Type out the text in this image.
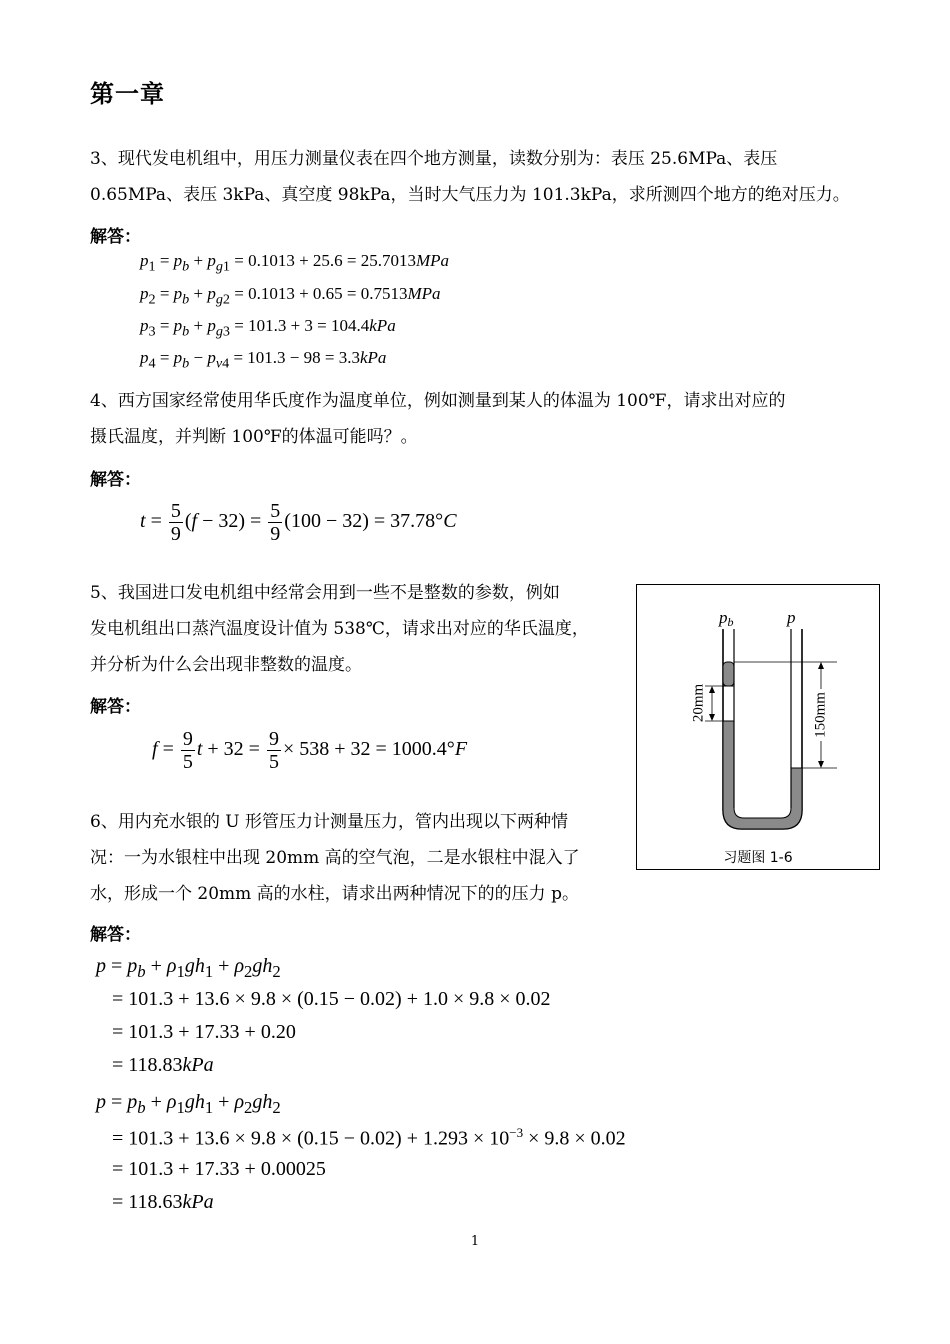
第一章
3、现代发电机组中，用压力测量仪表在四个地方测量，读数分别为：表压 25.6MPa、表压
0.65MPa、表压 3kPa、真空度 98kPa，当时大气压力为 101.3kPa，求所测四个地方的绝对压力。
解答：
$p_1 = p_b + p_{g1} = 0.1013 + 25.6 = 25.7013MPa$
$p_2 = p_b + p_{g2} = 0.1013 + 0.65 = 0.7513MPa$
$p_3 = p_b + p_{g3} = 101.3 + 3 = 104.4kPa$
$p_4 = p_b - p_{v4} = 101.3 - 98 = 3.3kPa$
4、西方国家经常使用华氏度作为温度单位，例如测量到某人的体温为 100℉，请求出对应的
摄氏温度，并判断 100℉的体温可能吗？。
解答：
$t = \frac{5}{9} (f - 32) = \frac{5}{9} (100 - 32) = 37.78^\circ C$
5、我国进口发电机组中经常会用到一些不是整数的参数，例如
发电机组出口蒸汽温度设计值为 538℃，请求出对应的华氏温度，
并分析为什么会出现非整数的温度。
解答：
$f = \frac{9}{5}$ $t + 32 = \frac{9}{5} \times 538 + 32 = 1000.4^\circ F$
20mm	150mm
pb	p
习题图 1-6
6、用内充水银的 U 形管压力计测量压力，管内出现以下两种情
况：一为水银柱中出现 20mm 高的空气泡，二是水银柱中混入了
水，形成一个 20mm 高的水柱，请求出两种情况下的的压力 p。
解答：
$p = p_b + \rho_1gh_1 + \rho_2gh_2$
= 101.3 + 13.6 × 9.8 × (0.15 − 0.02) + 1.0 × 9.8 × 0.02
= 101.3 + 17.33 + 0.20
= 118.83kPa
$p = p_b + \rho_1gh_1 + \rho_2gh_2$
= $101.3 + 13.6 \times 9.8 \times (0.15 - 0.02) + 1.293 \times 10^{-3} \times 9.8 \times 0.02$
= 101.3 + 17.33 + 0.00025
= 118.63kPa
1
